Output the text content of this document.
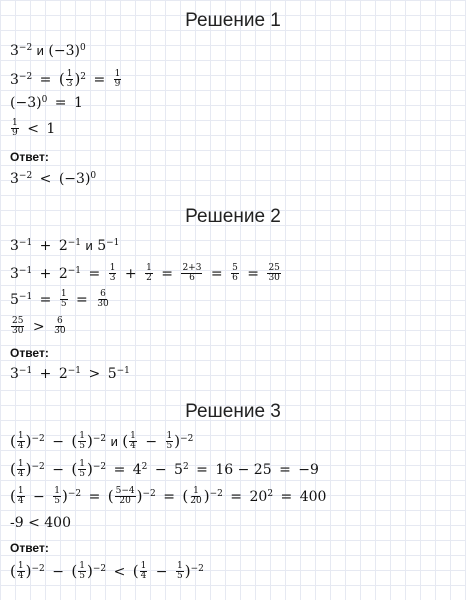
Решение 1
$3^{-2}$ и $(-3)^0$
$3^{-2}$ = ( $\frac{1}{3} )^2 = \frac{1}{9}$
$(-3)^0 = 1$
$\frac{1}{9} < 1$
Ответ:
$3^{-2} < (-3)^0$
Решение 2
$3^{-1} + 2^{-1}$ и $5^{-1}$
$3^{-1} + 2^{-1} = \frac{1}{3} + \frac{1}{2} = \frac{2+3}{6} = \frac{5}{6} = \frac{25}{30}$
$5^{-1} = \frac{1}{5} = \frac{6}{30}$
$\frac{25}{30} > \frac{6}{30}$
Ответ:
$3^{-1} + 2^{-1} > 5^{-1}$
Решение 3
( $\frac{1}{4} )^{-2}$ − ( $\frac{1}{5} )^{-2}$ и ( $\frac{1}{4} - \frac{1}{5} )^{-2}$
( $\frac{1}{4} )^{-2}$ − ( $\frac{1}{5} )^{-2} = 4^2 - 5^2 = 16 - 25 = -9$
( $\frac{1}{4} - \frac{1}{5} )^{-2}$ = ( $\frac{5-4}{20} )^{-2}$ = ( $\frac{1}{20} )^{-2} = 20^2 = 400$
-9 < 400
Ответ:
( $\frac{1}{4} )^{-2}$ − ( $\frac{1}{5} )^{-2}$ < ( $\frac{1}{4} - \frac{1}{5} )^{-2}$
